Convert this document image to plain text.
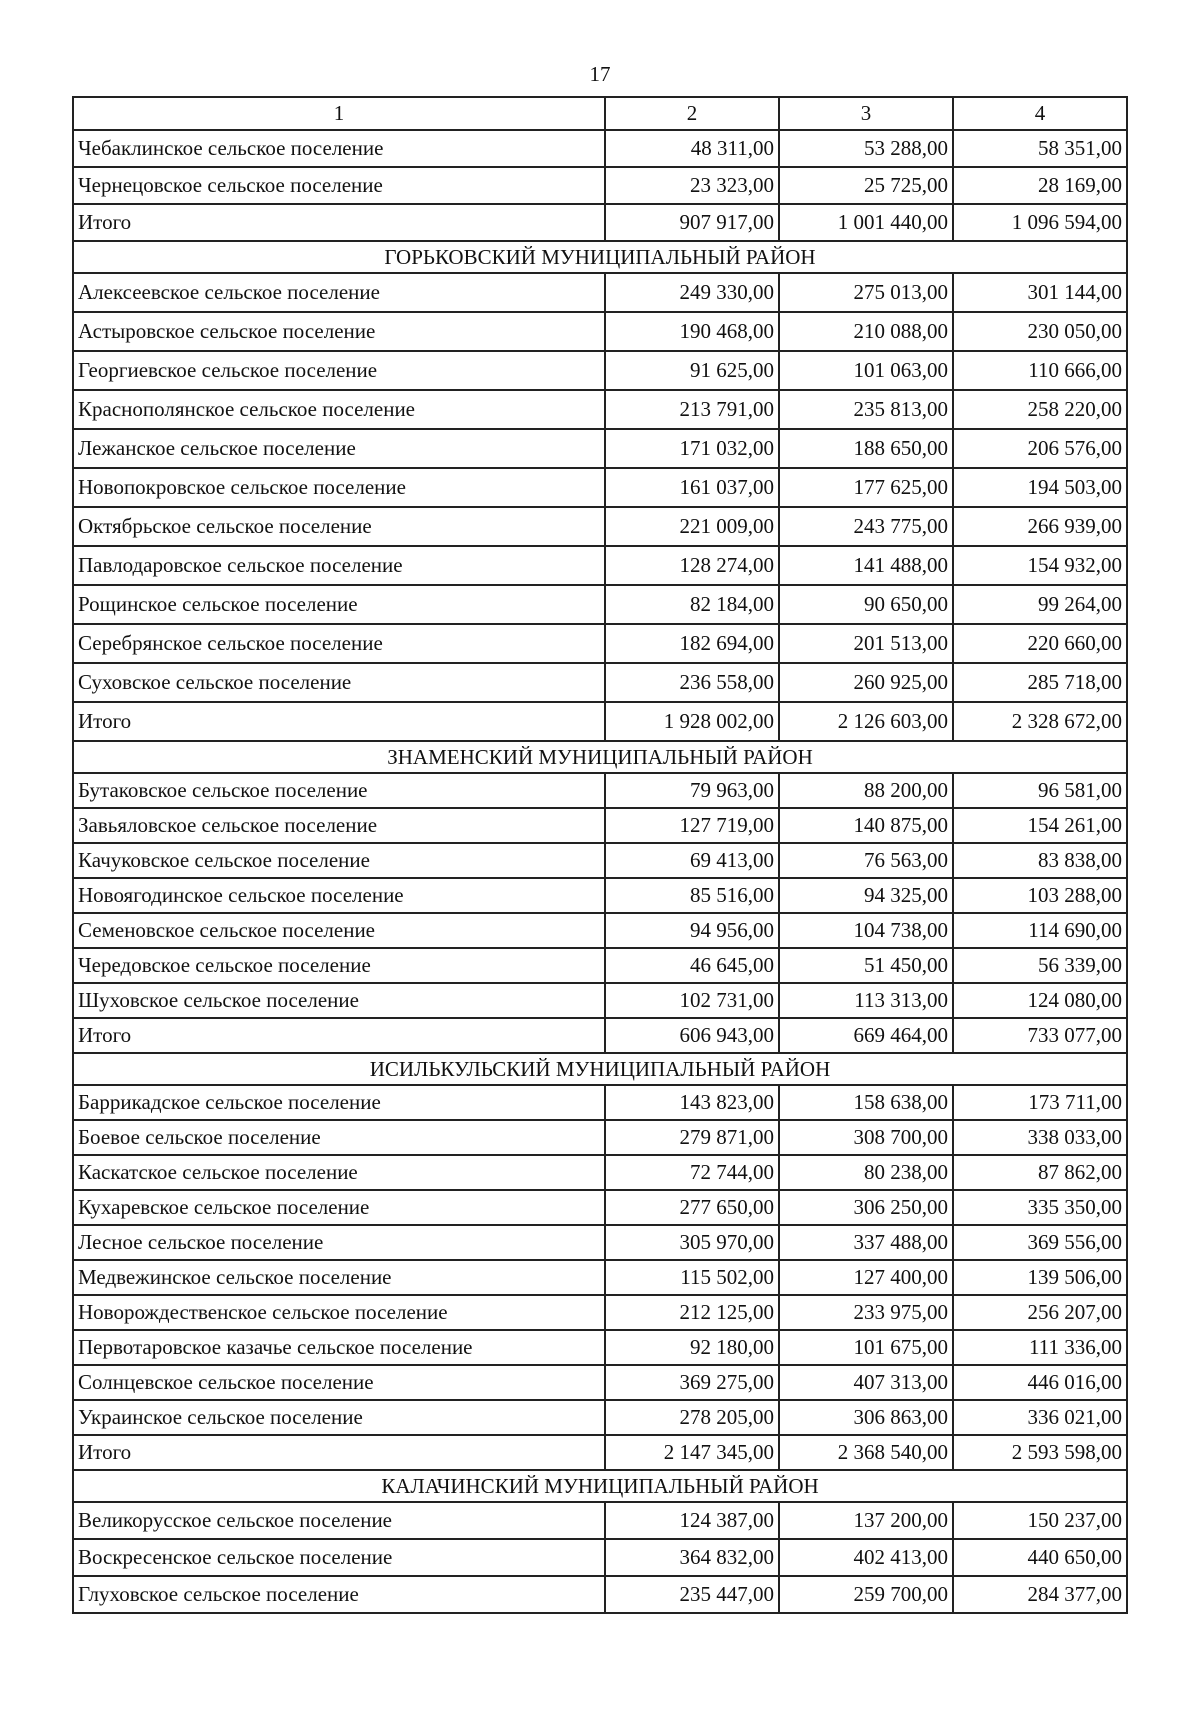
17
1	2	3	4
Чебаклинское сельское поселение	48 311,00	53 288,00	58 351,00
Чернецовское сельское поселение	23 323,00	25 725,00	28 169,00
Итого	907 917,00	1 001 440,00	1 096 594,00
ГОРЬКОВСКИЙ МУНИЦИПАЛЬНЫЙ РАЙОН			
Алексеевское сельское поселение	249 330,00	275 013,00	301 144,00
Астыровское сельское поселение	190 468,00	210 088,00	230 050,00
Георгиевское сельское поселение	91 625,00	101 063,00	110 666,00
Краснополянское сельское поселение	213 791,00	235 813,00	258 220,00
Лежанское сельское поселение	171 032,00	188 650,00	206 576,00
Новопокровское сельское поселение	161 037,00	177 625,00	194 503,00
Октябрьское сельское поселение	221 009,00	243 775,00	266 939,00
Павлодаровское сельское поселение	128 274,00	141 488,00	154 932,00
Рощинское сельское поселение	82 184,00	90 650,00	99 264,00
Серебрянское сельское поселение	182 694,00	201 513,00	220 660,00
Суховское сельское поселение	236 558,00	260 925,00	285 718,00
Итого	1 928 002,00	2 126 603,00	2 328 672,00
ЗНАМЕНСКИЙ МУНИЦИПАЛЬНЫЙ РАЙОН			
Бутаковское сельское поселение	79 963,00	88 200,00	96 581,00
Завьяловское сельское поселение	127 719,00	140 875,00	154 261,00
Качуковское сельское поселение	69 413,00	76 563,00	83 838,00
Новоягодинское сельское поселение	85 516,00	94 325,00	103 288,00
Семеновское сельское поселение	94 956,00	104 738,00	114 690,00
Чередовское сельское поселение	46 645,00	51 450,00	56 339,00
Шуховское сельское поселение	102 731,00	113 313,00	124 080,00
Итого	606 943,00	669 464,00	733 077,00
ИСИЛЬКУЛЬСКИЙ МУНИЦИПАЛЬНЫЙ РАЙОН			
Баррикадское сельское поселение	143 823,00	158 638,00	173 711,00
Боевое сельское поселение	279 871,00	308 700,00	338 033,00
Каскатское сельское поселение	72 744,00	80 238,00	87 862,00
Кухаревское сельское поселение	277 650,00	306 250,00	335 350,00
Лесное сельское поселение	305 970,00	337 488,00	369 556,00
Медвежинское сельское поселение	115 502,00	127 400,00	139 506,00
Новорождественское сельское поселение	212 125,00	233 975,00	256 207,00
Первотаровское казачье сельское поселение	92 180,00	101 675,00	111 336,00
Солнцевское сельское поселение	369 275,00	407 313,00	446 016,00
Украинское сельское поселение	278 205,00	306 863,00	336 021,00
Итого	2 147 345,00	2 368 540,00	2 593 598,00
КАЛАЧИНСКИЙ МУНИЦИПАЛЬНЫЙ РАЙОН			
Великорусское сельское поселение	124 387,00	137 200,00	150 237,00
Воскресенское сельское поселение	364 832,00	402 413,00	440 650,00
Глуховское сельское поселение	235 447,00	259 700,00	284 377,00
